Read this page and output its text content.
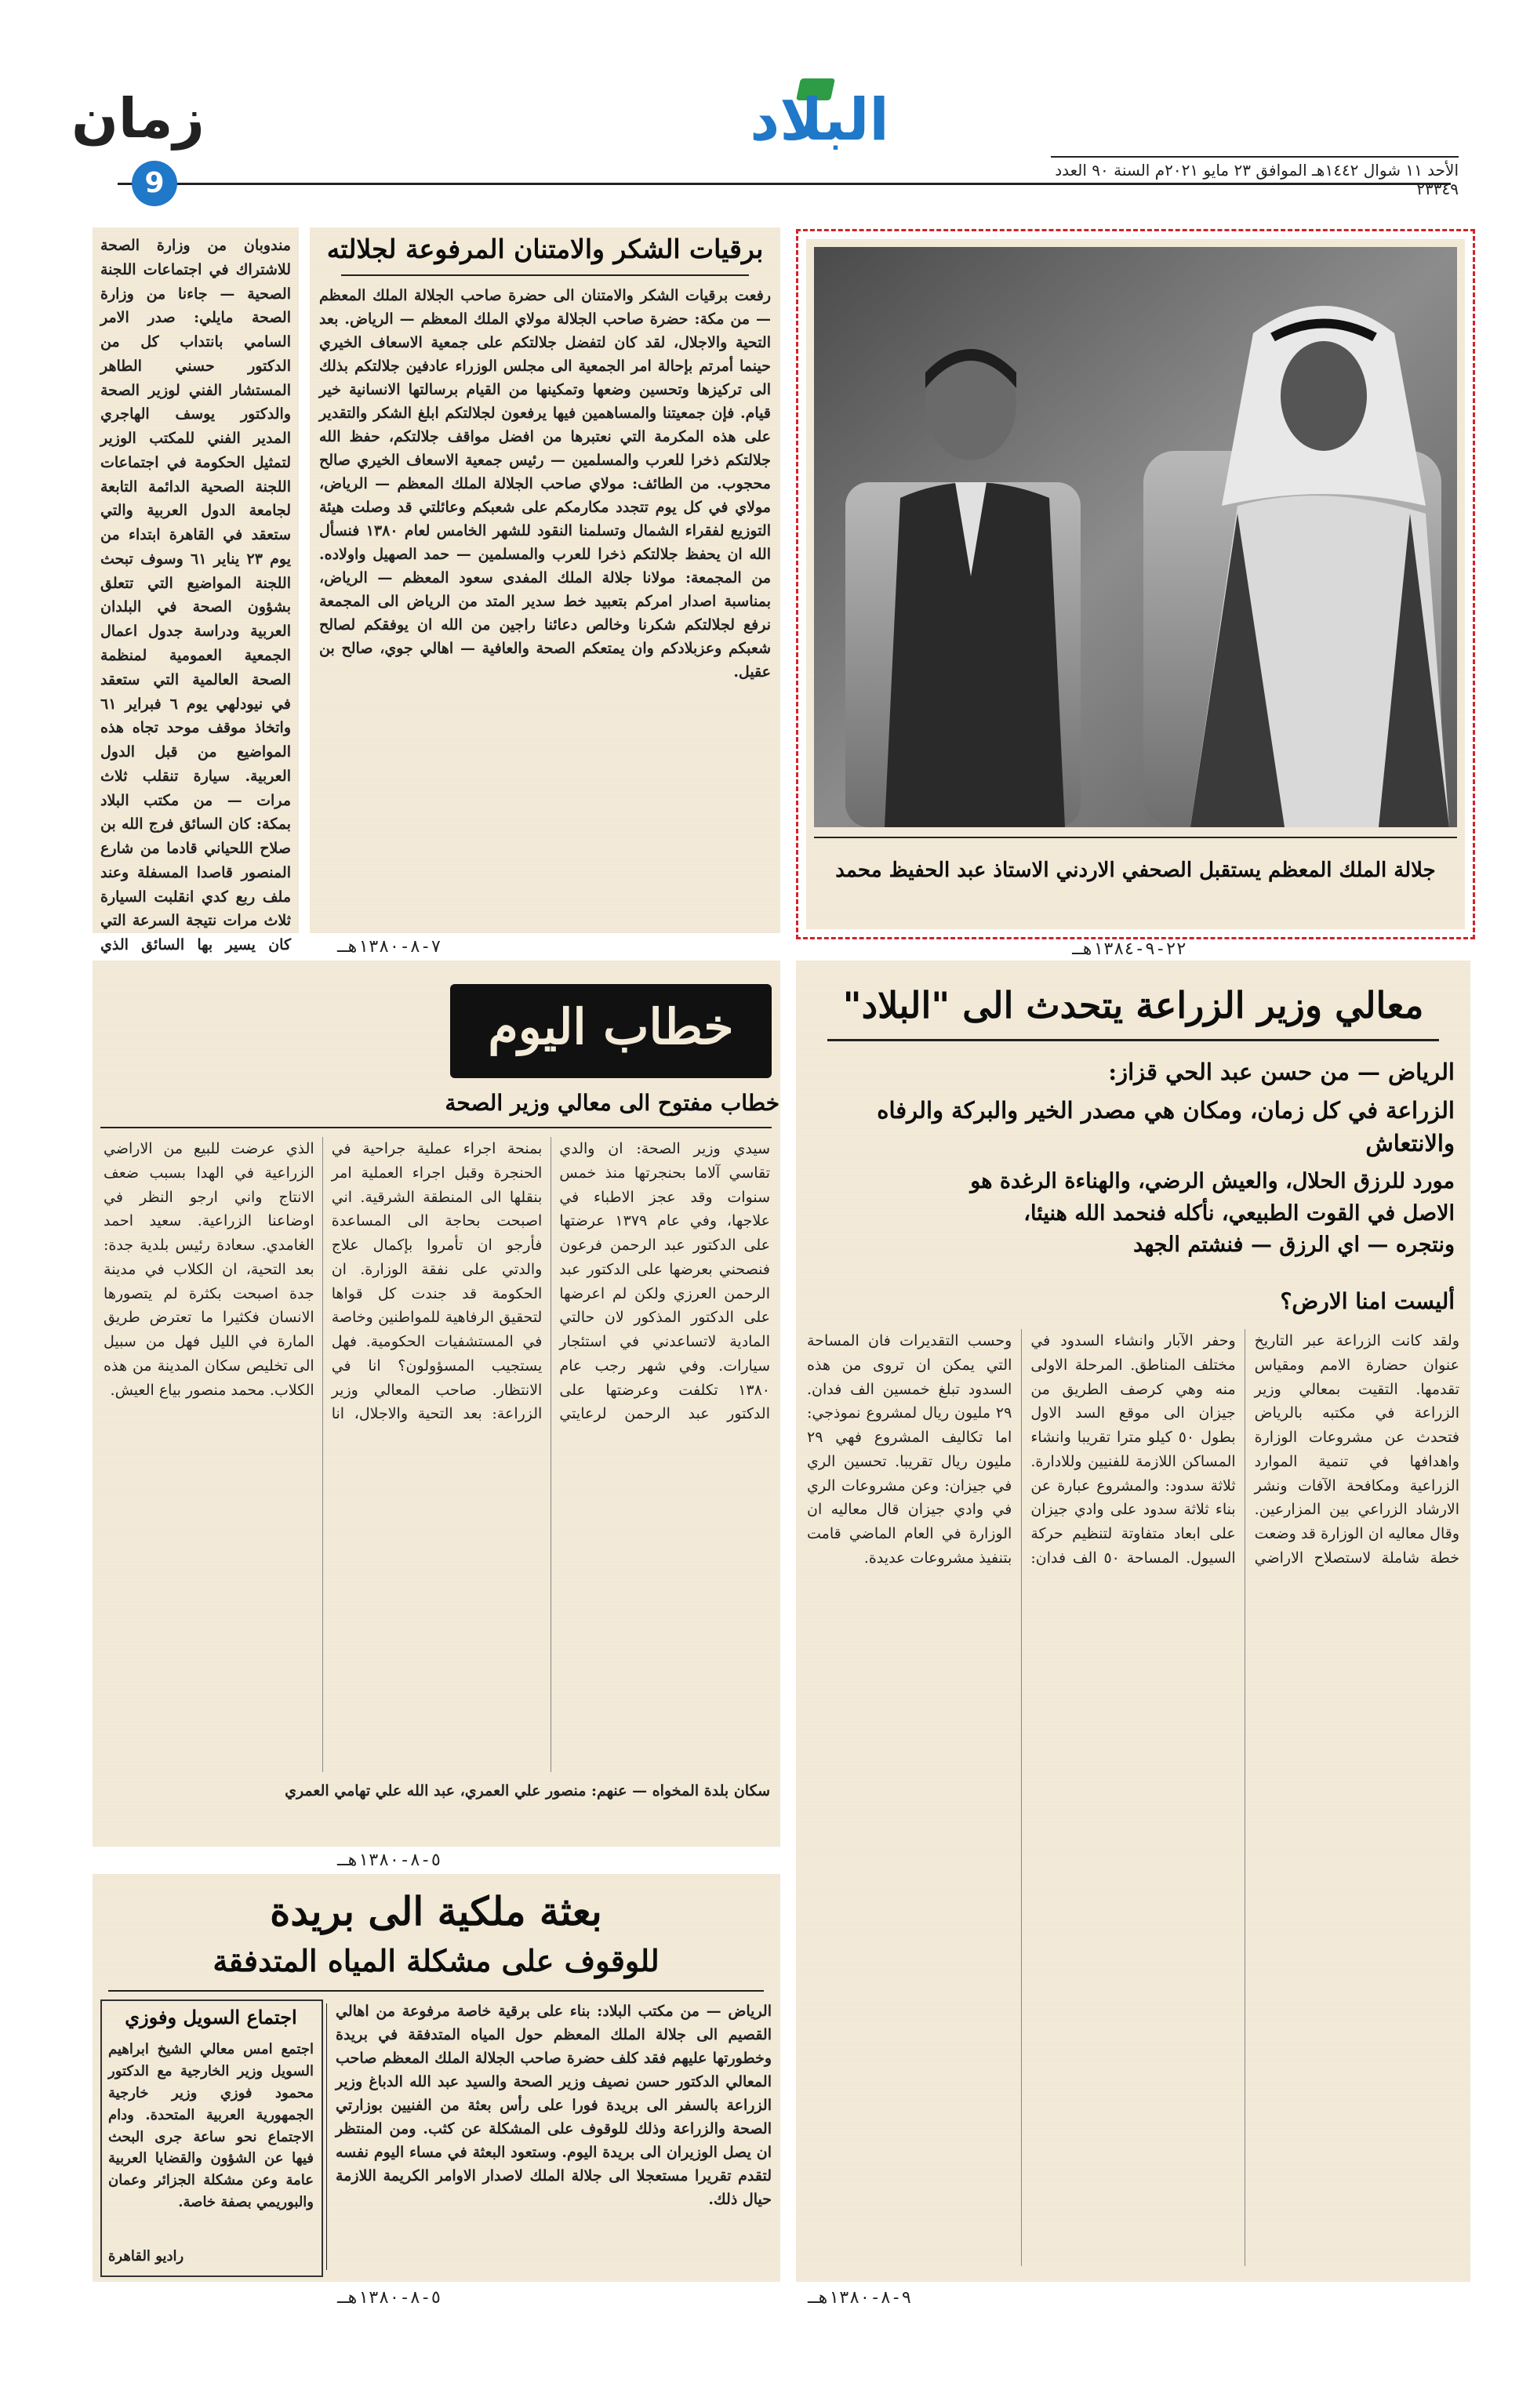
البلاد
زمان
9	الأحد ١١ شوال ١٤٤٢هـ الموافق ٢٣ مايو ٢٠٢١م السنة ٩٠ العدد ٢٣٣٤٩
مندوبان من وزارة الصحة للاشتراك في اجتماعات اللجنة الصحية — جاءنا من وزارة الصحة مايلي: صدر الامر السامي بانتداب كل من الدكتور حسني الطاهر المستشار الفني لوزير الصحة والدكتور يوسف الهاجري المدير الفني للمكتب الوزير لتمثيل الحكومة في اجتماعات اللجنة الصحية الدائمة التابعة لجامعة الدول العربية والتي ستعقد في القاهرة ابتداء من يوم ٢٣ يناير ٦١ وسوف تبحث اللجنة المواضيع التي تتعلق بشؤون الصحة في البلدان العربية ودراسة جدول اعمال الجمعية العمومية لمنظمة الصحة العالمية التي ستعقد في نيودلهي يوم ٦ فبراير ٦١ واتخاذ موقف موحد تجاه هذه المواضيع من قبل الدول العربية. سيارة تنقلب ثلاث مرات — من مكتب البلاد بمكة: كان السائق فرج الله بن صلاح اللحياني قادما من شارع المنصور قاصدا المسفلة وعند ملف ربع كدي انقلبت السيارة ثلاث مرات نتيجة السرعة التي كان يسير بها السائق الذي
برقيات الشكر والامتنان المرفوعة لجلالته
رفعت برقيات الشكر والامتنان الى حضرة صاحب الجلالة الملك المعظم — من مكة: حضرة صاحب الجلالة مولاي الملك المعظم — الرياض. بعد التحية والاجلال، لقد كان لتفضل جلالتكم على جمعية الاسعاف الخيري حينما أمرتم بإحالة امر الجمعية الى مجلس الوزراء عادفين جلالتكم بذلك الى تركيزها وتحسين وضعها وتمكينها من القيام برسالتها الانسانية خير قيام. فإن جمعيتنا والمساهمين فيها يرفعون لجلالتكم ابلغ الشكر والتقدير على هذه المكرمة التي نعتبرها من افضل مواقف جلالتكم، حفظ الله جلالتكم ذخرا للعرب والمسلمين — رئيس جمعية الاسعاف الخيري صالح محجوب. من الطائف: مولاي صاحب الجلالة الملك المعظم — الرياض، مولاي في كل يوم تتجدد مكارمكم على شعبكم وعائلتي قد وصلت هيئة التوزيع لفقراء الشمال وتسلمنا النقود للشهر الخامس لعام ١٣٨٠ فنسأل الله ان يحفظ جلالتكم ذخرا للعرب والمسلمين — حمد الصهيل واولاده. من المجمعة: مولانا جلالة الملك المفدى سعود المعظم — الرياض، بمناسبة اصدار امركم بتعبيد خط سدير المتد من الرياض الى المجمعة نرفع لجلالتكم شكرنا وخالص دعائنا راجين من الله ان يوفقكم لصالح شعبكم وعزبلادكم وان يمتعكم الصحة والعافية — اهالي جوي، صالح بن عقيل.
٧-٨-١٣٨٠هـ
جلالة الملك المعظم يستقبل الصحفي الاردني الاستاذ عبد الحفيظ محمد
٢٢-٩-١٣٨٤هـ
خطاب اليوم
خطاب مفتوح الى معالي وزير الصحة
سيدي وزير الصحة: ان والدي تقاسي آلاما بحنجرتها منذ خمس سنوات وقد عجز الاطباء في علاجها، وفي عام ١٣٧٩ عرضتها على الدكتور عبد الرحمن فرعون فنصحني بعرضها على الدكتور عبد الرحمن العرزي ولكن لم اعرضها على الدكتور المذكور لان حالتي المادية لاتساعدني في استئجار سيارات. وفي شهر رجب عام ١٣٨٠ تكلفت وعرضتها على الدكتور عبد الرحمن لرعايتي بمنحة اجراء عملية جراحية في الحنجرة وقبل اجراء العملية امر بنقلها الى المنطقة الشرقية. اني اصبحت بحاجة الى المساعدة فأرجو ان تأمروا بإكمال علاج والدتي على نفقة الوزارة. ان الحكومة قد جندت كل قواها لتحقيق الرفاهية للمواطنين وخاصة في المستشفيات الحكومية. فهل يستجيب المسؤولون؟ انا في الانتظار. صاحب المعالي وزير الزراعة: بعد التحية والاجلال، انا الذي عرضت للبيع من الاراضي الزراعية في الهدا بسبب ضعف الانتاج واني ارجو النظر في اوضاعنا الزراعية. سعيد احمد الغامدي. سعادة رئيس بلدية جدة: بعد التحية، ان الكلاب في مدينة جدة اصبحت بكثرة لم يتصورها الانسان فكثيرا ما تعترض طريق المارة في الليل فهل من سبيل الى تخليص سكان المدينة من هذه الكلاب. محمد منصور بياع العيش.
سكان بلدة المخواه — عنهم: منصور علي العمري، عبد الله علي تهامي العمري
٥-٨-١٣٨٠هـ
معالي وزير الزراعة يتحدث الى "البلاد"
الرياض — من حسن عبد الحي قزاز:
الزراعة في كل زمان، ومكان هي مصدر الخير والبركة والرفاه والانتعاش
مورد للرزق الحلال، والعيش الرضي، والهناءة الرغدة هو الاصل في القوت الطبيعي، نأكله فنحمد الله هنيئا، ونتجره — اي الرزق — فنشتم الجهد
أليست امنا الارض؟
ولقد كانت الزراعة عبر التاريخ عنوان حضارة الامم ومقياس تقدمها. التقيت بمعالي وزير الزراعة في مكتبه بالرياض فتحدث عن مشروعات الوزارة واهدافها في تنمية الموارد الزراعية ومكافحة الآفات ونشر الارشاد الزراعي بين المزارعين. وقال معاليه ان الوزارة قد وضعت خطة شاملة لاستصلاح الاراضي وحفر الآبار وانشاء السدود في مختلف المناطق. المرحلة الاولى منه وهي كرصف الطريق من جيزان الى موقع السد الاول بطول ٥٠ كيلو مترا تقريبا وانشاء المساكن اللازمة للفنيين وللادارة. ثلاثة سدود: والمشروع عبارة عن بناء ثلاثة سدود على وادي جيزان على ابعاد متفاوتة لتنظيم حركة السيول. المساحة ٥٠ الف فدان: وحسب التقديرات فان المساحة التي يمكن ان تروى من هذه السدود تبلغ خمسين الف فدان. ٢٩ مليون ريال لمشروع نموذجي: اما تكاليف المشروع فهي ٢٩ مليون ريال تقريبا. تحسين الري في جيزان: وعن مشروعات الري في وادي جيزان قال معاليه ان الوزارة في العام الماضي قامت بتنفيذ مشروعات عديدة.
٩-٨-١٣٨٠هـ
بعثة ملكية الى بريدة
للوقوف على مشكلة المياه المتدفقة
الرياض — من مكتب البلاد: بناء على برقية خاصة مرفوعة من اهالي القصيم الى جلالة الملك المعظم حول المياه المتدفقة في بريدة وخطورتها عليهم فقد كلف حضرة صاحب الجلالة الملك المعظم صاحب المعالي الدكتور حسن نصيف وزير الصحة والسيد عبد الله الدباغ وزير الزراعة بالسفر الى بريدة فورا على رأس بعثة من الفنيين بوزارتي الصحة والزراعة وذلك للوقوف على المشكلة عن كثب. ومن المنتظر ان يصل الوزيران الى بريدة اليوم. وستعود البعثة في مساء اليوم نفسه لتقدم تقريرا مستعجلا الى جلالة الملك لاصدار الاوامر الكريمة اللازمة حيال ذلك.
اجتماع السويل وفوزي
اجتمع امس معالي الشيخ ابراهيم السويل وزير الخارجية مع الدكتور محمود فوزي وزير خارجية الجمهورية العربية المتحدة. ودام الاجتماع نحو ساعة جرى البحث فيها عن الشؤون والقضايا العربية عامة وعن مشكلة الجزائر وعمان والبوريمي بصفة خاصة.
راديو القاهرة
٥-٨-١٣٨٠هـ
